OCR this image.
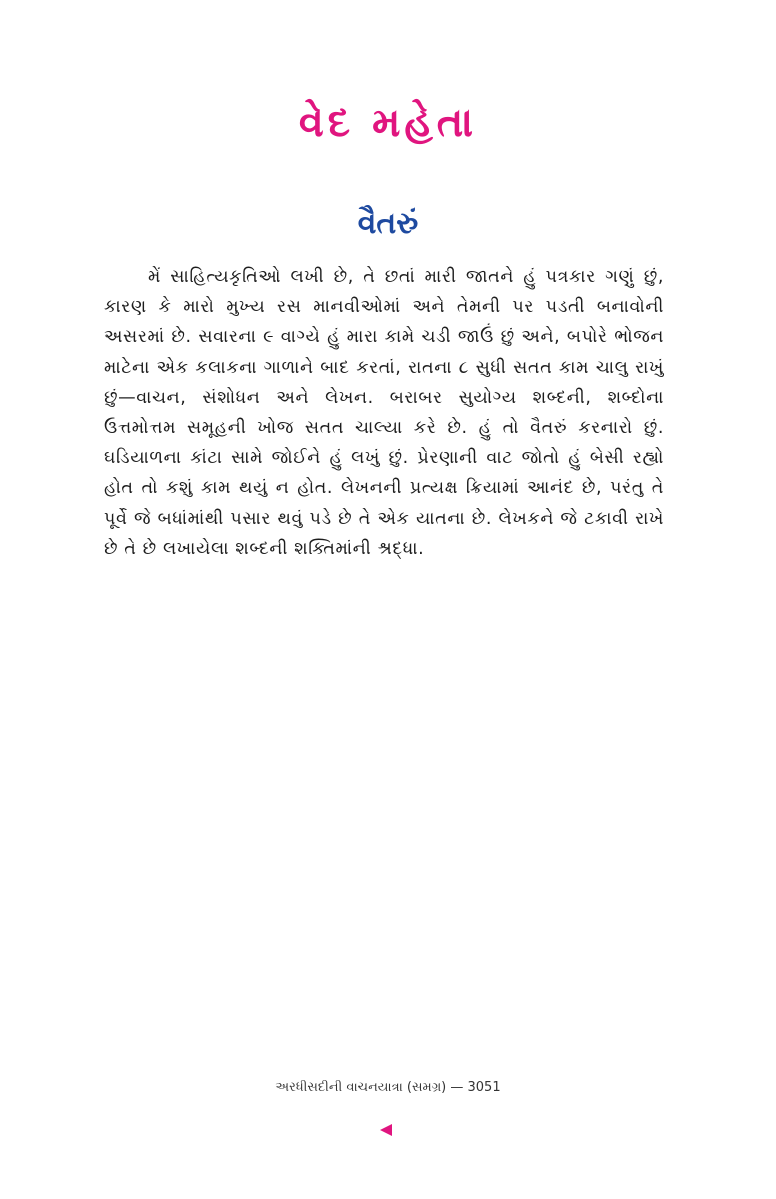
વેદ મહેતા
વૈતરું

મેં સાહિત્યકૃતિઓ લખી છે, તે છતાં મારી જાતને હું પત્રકાર ગણું છું, કારણ કે મારો મુખ્ય રસ માનવીઓમાં અને તેમની પર પડતી બનાવોની અસરમાં છે. સવારના ૯ વાગ્યે હું મારા કામે ચડી જાઉં છું અને, બપોરે ભોજન માટેના એક કલાકના ગાળાને બાદ કરતાં, રાતના ૮ સુધી સતત કામ ચાલુ રાખું છું—વાચન, સંશોધન અને લેખન. બરાબર સુયોગ્ય શબ્દની, શબ્દોના ઉત્તમોત્તમ સમૂહની ખોજ સતત ચાલ્યા કરે છે. હું તો વૈતરું કરનારો છું. ઘડિયાળના કાંટા સામે જોઈને હું લખું છું. પ્રેરણાની વાટ જોતો હું બેસી રહ્યો હોત તો કશું કામ થયું ન હોત. લેખનની પ્રત્યક્ષ ક્રિયામાં આનંદ છે, પરંતુ તે પૂર્વે જે બધાંમાંથી પસાર થવું પડે છે તે એક યાતના છે. લેખકને જે ટકાવી રાખે છે તે છે લખાયેલા શબ્દની શક્તિમાંની શ્રદ્ધા.

અરધીસદીની વાચનયાત્રા (સમગ્ર) — 3051
